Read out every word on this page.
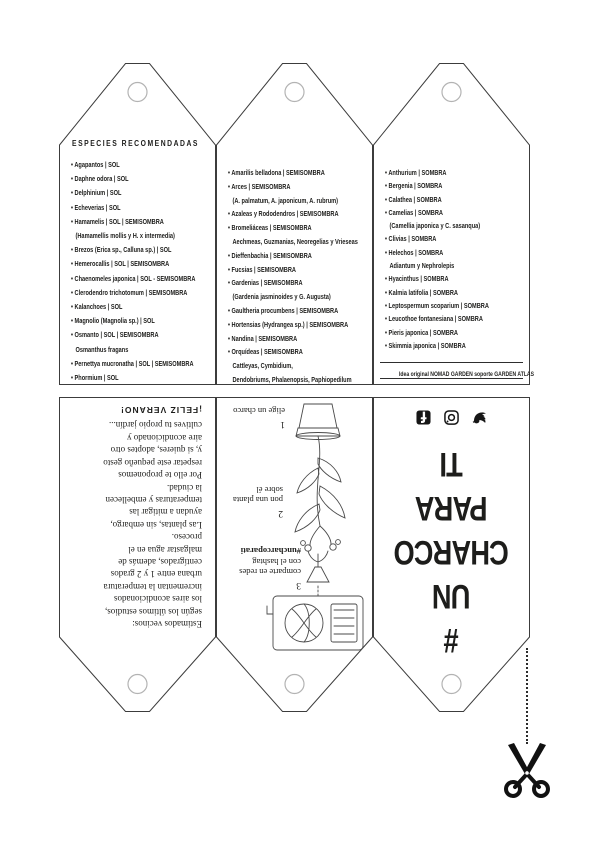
ESPECIES RECOMENDADAS
• Agapantos | SOL
• Daphne odora | SOL
• Delphinium | SOL
• Echeverias | SOL
• Hamamelis | SOL | SEMISOMBRA
(Hamamellis mollis y H. x intermedia)
• Brezos (Erica sp., Calluna sp.) | SOL
• Hemerocallis | SOL | SEMISOMBRA
• Chaenomeles japonica | SOL - SEMISOMBRA
• Clerodendro trichotomum | SEMISOMBRA
• Kalanchoes | SOL
• Magnolio (Magnolia sp.) | SOL
• Osmanto | SOL | SEMISOMBRA
Osmanthus fragans
• Pernettya mucronatha | SOL | SEMISOMBRA
• Phormium | SOL
• Amarilis belladona | SEMISOMBRA
• Arces | SEMISOMBRA
(A. palmatum, A. japonicum, A. rubrum)
• Azaleas y Rododendros | SEMISOMBRA
• Bromeliáceas | SEMISOMBRA
Aechmeas, Guzmanias, Neoregelias y Vrieseas
• Dieffenbachia | SEMISOMBRA
• Fucsias | SEMISOMBRA
• Gardenias | SEMISOMBRA
(Gardenia jasminoides y G. Augusta)
• Gaultheria procumbens | SEMISOMBRA
• Hortensias (Hydrangea sp.) | SEMISOMBRA
• Nandina | SEMISOMBRA
• Orquídeas | SEMISOMBRA
Cattleyas, Cymbidium,
Dendobriums, Phalaenopsis, Paphiopedilum
• Anthurium | SOMBRA
• Bergenia | SOMBRA
• Calathea | SOMBRA
• Camelias | SOMBRA
(Camellia japonica y C. sasanqua)
• Clivias | SOMBRA
• Helechos | SOMBRA
Adiantum y Nephrolepis
• Hyacinthus | SOMBRA
• Kalmia latifolia | SOMBRA
• Leptospermum scoparium | SOMBRA
• Leucothoe fontanesiana | SOMBRA
• Pieris japonica | SOMBRA
• Skimmia japonica | SOMBRA
Idea original NOMAD GARDEN soporte GARDEN ATLAS
Estimados vecinos:
según los últimos estudios,
los aires acondicionados
incrementan la temperatura
urbana entre 1 y 2 grados
centígrados, además de
malgastar agua en el
proceso.
Las plantas, sin embargo,
ayudan a mitigar las
temperaturas y embellecen
la ciudad.
Por ello te proponemos
respetar este pequeño gesto
y, si quieres, adoptes otro
aire acondicionado y
cultives tu propio jardín...
¡FELIZ VERANO!
3
comparte en redes
con el hashtag
#uncharcoparati
2
pon una planta
sobre él
1
elige un charco
#
UN
CHARCO
PARA
TI
